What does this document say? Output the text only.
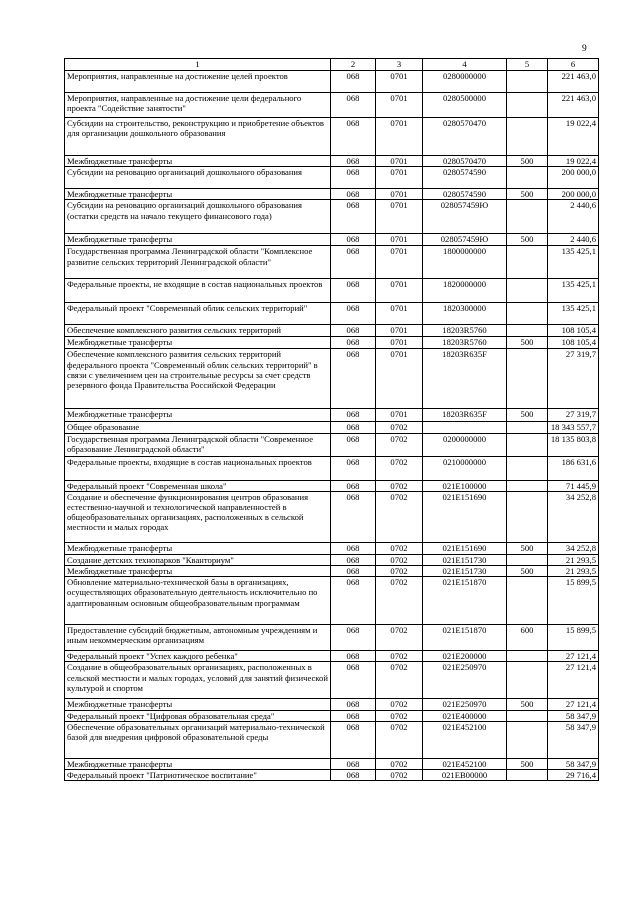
9
1	2	3	4	5	6
Мероприятия, направленные на достижение целей проектов	068	0701	0280000000		221 463,0
Мероприятия, направленные на достижение цели федерального проекта "Содействие занятости"	068	0701	0280500000		221 463,0
Субсидии на строительство, реконструкцию и приобретение объектов для организации дошкольного образования	068	0701	0280570470		19 022,4
Межбюджетные трансферты	068	0701	0280570470	500	19 022,4
Субсидии на реновацию организаций дошкольного образования	068	0701	0280574590		200 000,0
Межбюджетные трансферты	068	0701	0280574590	500	200 000,0
Субсидии на реновацию организаций дошкольного образования (остатки средств на начало текущего финансового года)	068	0701	028057459Ю		2 440,6
Межбюджетные трансферты	068	0701	028057459Ю	500	2 440,6
Государственная программа Ленинградской области "Комплексное развитие сельских территорий Ленинградской области"	068	0701	1800000000		135 425,1
Федеральные проекты, не входящие в состав национальных проектов	068	0701	1820000000		135 425,1
Федеральный проект "Современный облик сельских территорий"	068	0701	1820300000		135 425,1
Обеспечение комплексного развития сельских территорий	068	0701	18203R5760		108 105,4
Межбюджетные трансферты	068	0701	18203R5760	500	108 105,4
Обеспечение комплексного развития сельских территорий федерального проекта "Современный облик сельских территорий" в связи с увеличением цен на строительные ресурсы за счет средств резервного фонда Правительства Российской Федерации	068	0701	18203R635F		27 319,7
Межбюджетные трансферты	068	0701	18203R635F	500	27 319,7
Общее образование	068	0702			18 343 557,7
Государственная программа Ленинградской области "Современное образование Ленинградской области"	068	0702	0200000000		18 135 803,8
Федеральные проекты, входящие в состав национальных проектов	068	0702	0210000000		186 631,6
Федеральный проект "Современная школа"	068	0702	021E100000		71 445,9
Создание и обеспечение функционирования центров образования естественно-научной и технологической направленностей в общеобразовательных организациях, расположенных в сельской местности и малых городах	068	0702	021E151690		34 252,8
Межбюджетные трансферты	068	0702	021E151690	500	34 252,8
Создание детских технопарков "Кванториум"	068	0702	021E151730		21 293,5
Межбюджетные трансферты	068	0702	021E151730	500	21 293,5
Обновление материально-технической базы в организациях, осуществляющих образовательную деятельность исключительно по адаптированным основным общеобразовательным программам	068	0702	021E151870		15 899,5
Предоставление субсидий бюджетным, автономным учреждениям и иным некоммерческим организациям	068	0702	021E151870	600	15 899,5
Федеральный проект "Успех каждого ребенка"	068	0702	021E200000		27 121,4
Создание в общеобразовательных организациях, расположенных в сельской местности и малых городах, условий для занятий физической культурой и спортом	068	0702	021E250970		27 121,4
Межбюджетные трансферты	068	0702	021E250970	500	27 121,4
Федеральный проект "Цифровая образовательная среда"	068	0702	021E400000		58 347,9
Обеспечение образовательных организаций материально-технической базой для внедрения цифровой образовательной среды	068	0702	021E452100		58 347,9
Межбюджетные трансферты	068	0702	021E452100	500	58 347,9
Федеральный проект "Патриотическое воспитание"	068	0702	021EB00000		29 716,4
